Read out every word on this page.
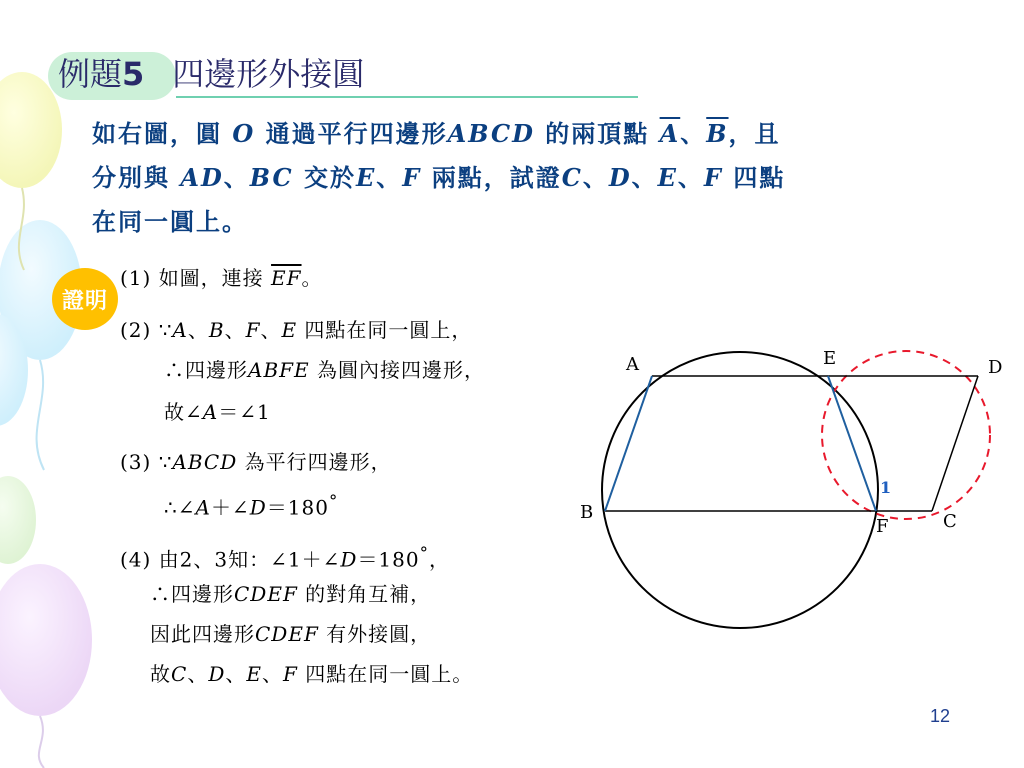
例題5 四邊形外接圓
如右圖，圓 O 通過平行四邊形ABCD 的兩頂點 $\overline{A}$、$\overline{B}$，且
分別與 AD、BC 交於E、F 兩點，試證C、D、E、F 四點
在同一圓上。
證明
(1) 如圖，連接 $\overline{EF}$。
(2) ∵A、B、F、E 四點在同一圓上，
∴四邊形ABFE 為圓內接四邊形，
故∠A＝∠1
(3) ∵ABCD 為平行四邊形，
∴∠A＋∠D＝180°
(4) 由2、3知：∠1＋∠D＝180°，
∴四邊形CDEF 的對角互補，
因此四邊形CDEF 有外接圓，
故C、D、E、F 四點在同一圓上。
A	E	D
B
F	C
1
12
